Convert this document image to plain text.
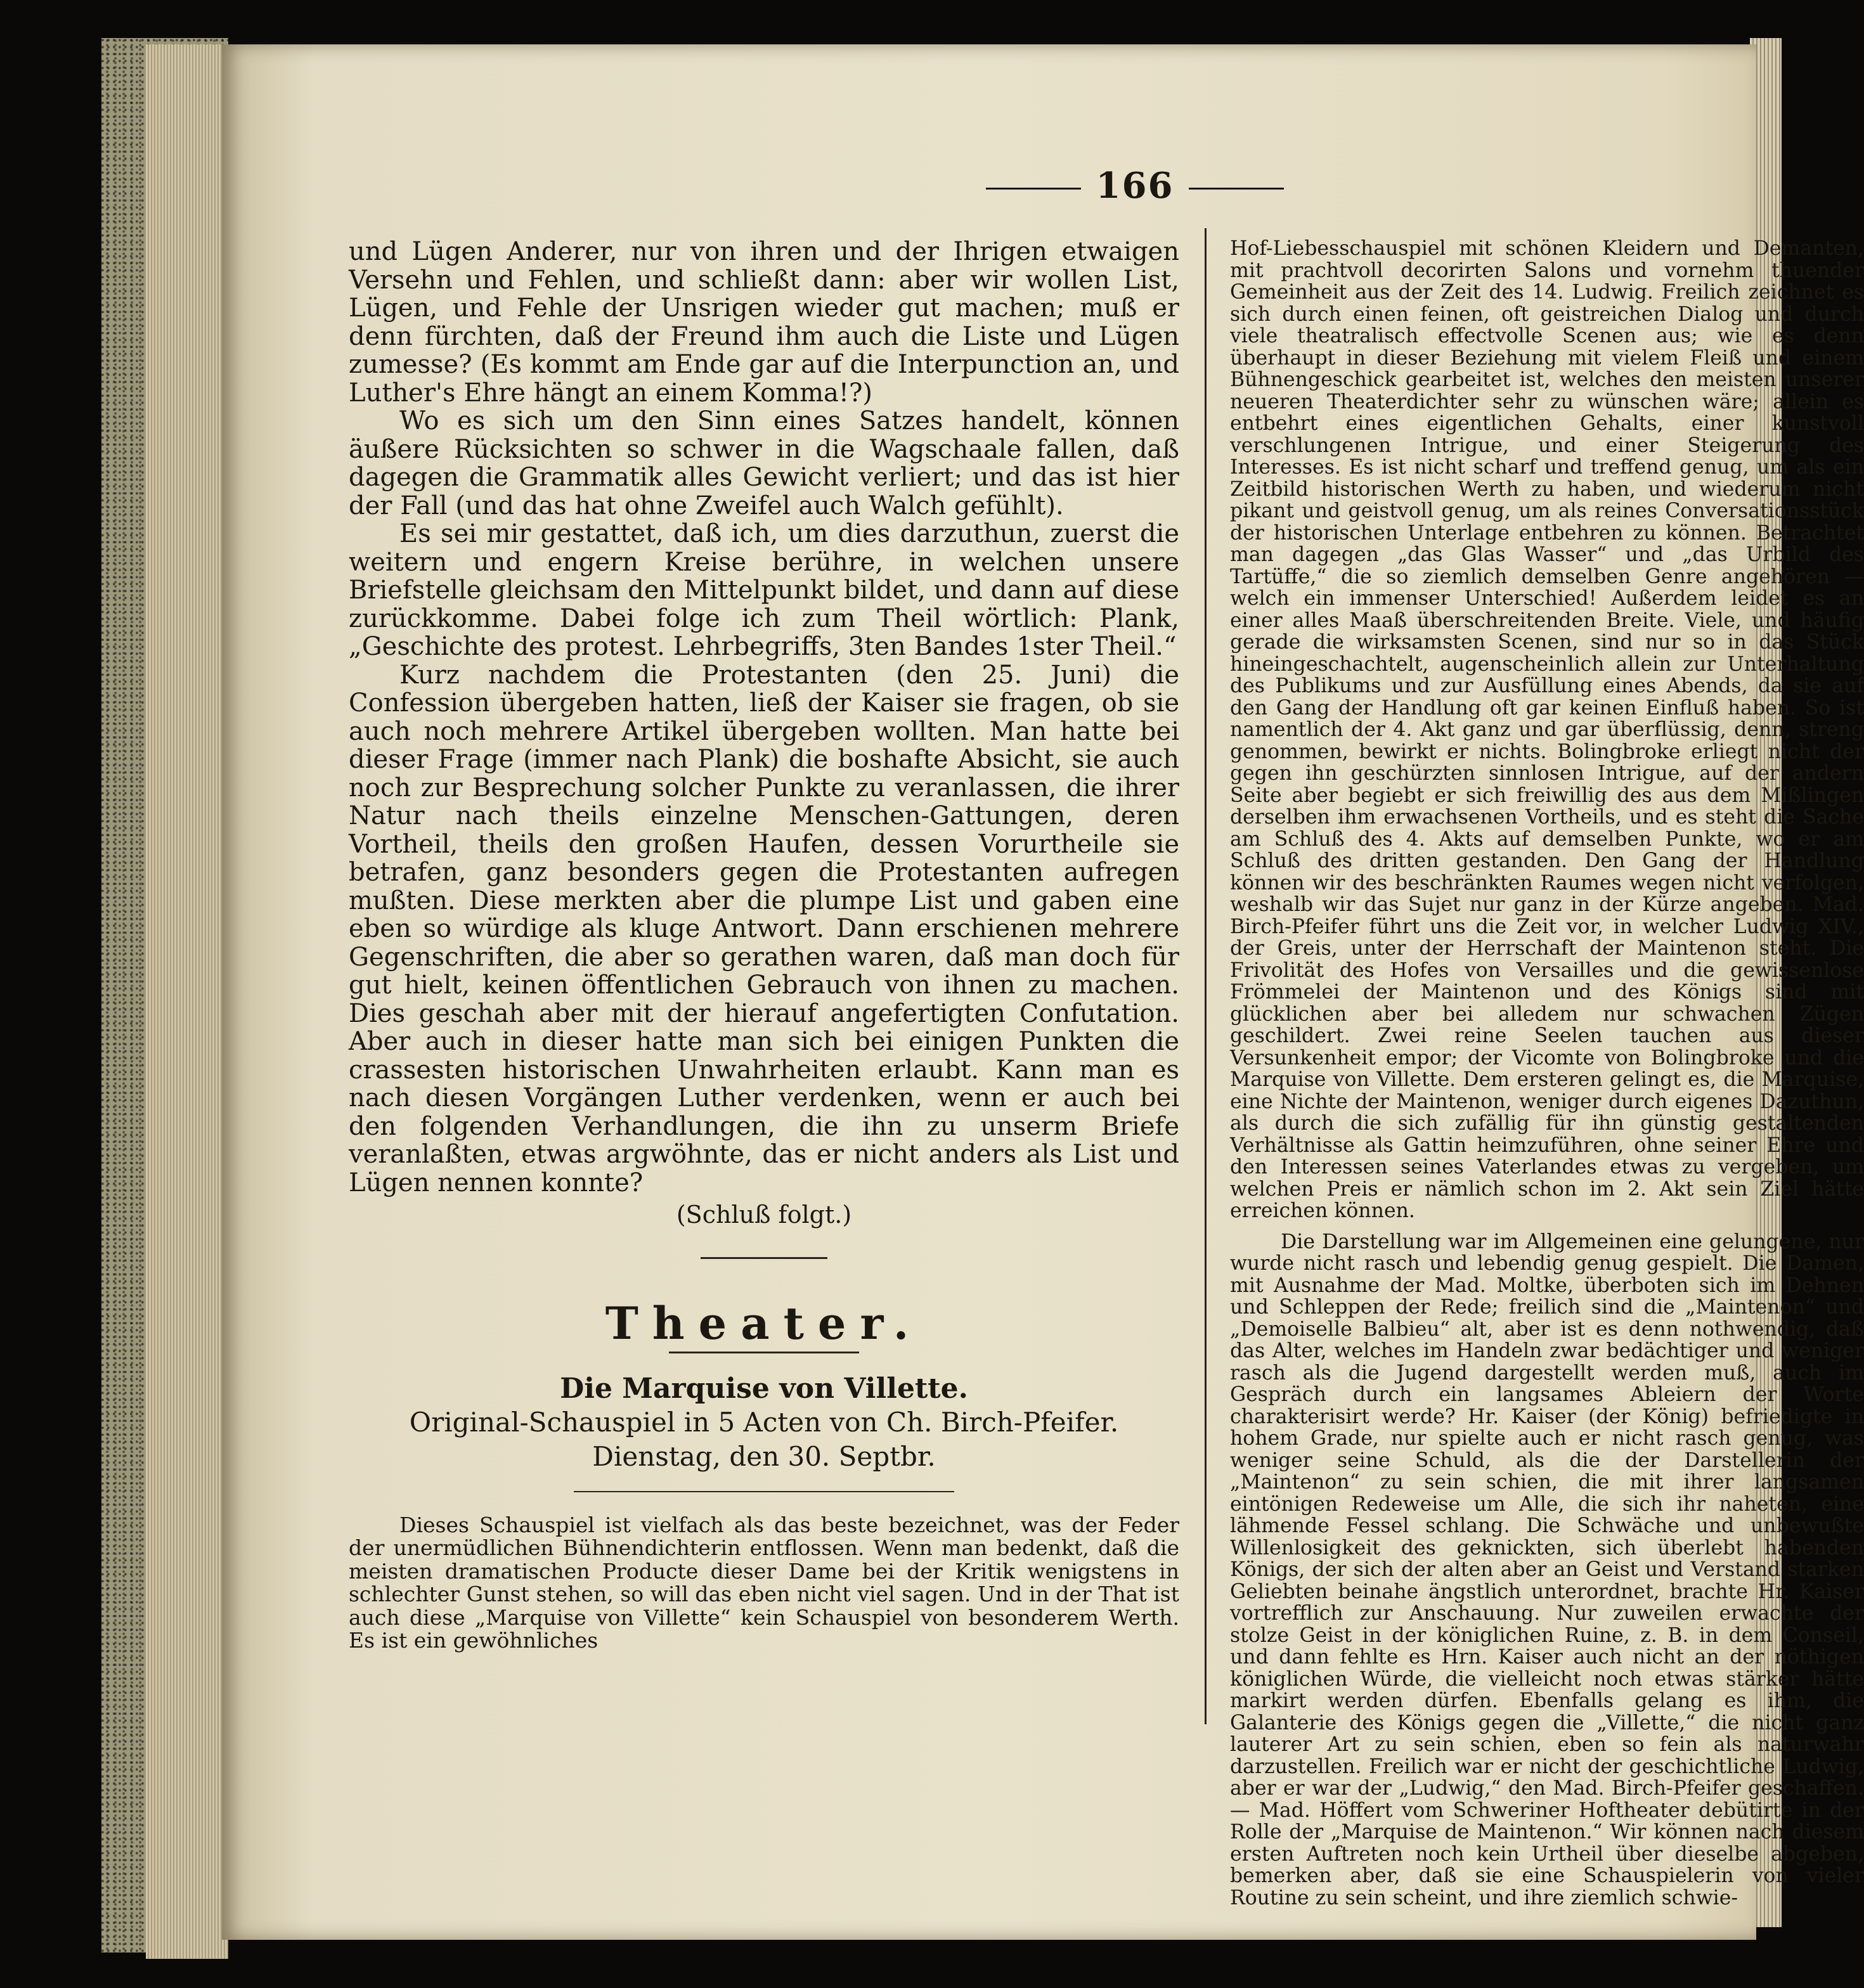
166

und Lügen Anderer, nur von ihren und der Ihrigen etwaigen Versehn und Fehlen, und schließt dann: aber wir wollen List, Lügen, und Fehle der Unsrigen wieder gut machen; muß er denn fürchten, daß der Freund ihm auch die Liste und Lügen zumesse? (Es kommt am Ende gar auf die Interpunction an, und Luther's Ehre hängt an einem Komma!?)

Wo es sich um den Sinn eines Satzes handelt, können äußere Rücksichten so schwer in die Wagschaale fallen, daß dagegen die Grammatik alles Gewicht verliert; und das ist hier der Fall (und das hat ohne Zweifel auch Walch gefühlt).

Es sei mir gestattet, daß ich, um dies darzuthun, zuerst die weitern und engern Kreise berühre, in welchen unsere Briefstelle gleichsam den Mittelpunkt bildet, und dann auf diese zurückkomme. Dabei folge ich zum Theil wörtlich: Plank, „Geschichte des protest. Lehrbegriffs, 3ten Bandes 1ster Theil.“

Kurz nachdem die Protestanten (den 25. Juni) die Confession übergeben hatten, ließ der Kaiser sie fragen, ob sie auch noch mehrere Artikel übergeben wollten. Man hatte bei dieser Frage (immer nach Plank) die boshafte Absicht, sie auch noch zur Besprechung solcher Punkte zu veranlassen, die ihrer Natur nach theils einzelne Menschen-Gattungen, deren Vortheil, theils den großen Haufen, dessen Vorurtheile sie betrafen, ganz besonders gegen die Protestanten aufregen mußten. Diese merkten aber die plumpe List und gaben eine eben so würdige als kluge Antwort. Dann erschienen mehrere Gegenschriften, die aber so gerathen waren, daß man doch für gut hielt, keinen öffentlichen Gebrauch von ihnen zu machen. Dies geschah aber mit der hierauf angefertigten Confutation. Aber auch in dieser hatte man sich bei einigen Punkten die crassesten historischen Unwahrheiten erlaubt. Kann man es nach diesen Vorgängen Luther verdenken, wenn er auch bei den folgenden Verhandlungen, die ihn zu unserm Briefe veranlaßten, etwas argwöhnte, das er nicht anders als List und Lügen nennen konnte?

(Schluß folgt.)
Theater.
Die Marquise von Villette.
Original-Schauspiel in 5 Acten von Ch. Birch-Pfeifer.
Dienstag, den 30. Septbr.

Dieses Schauspiel ist vielfach als das beste bezeichnet, was der Feder der unermüdlichen Bühnendichterin entflossen. Wenn man bedenkt, daß die meisten dramatischen Producte dieser Dame bei der Kritik wenigstens in schlechter Gunst stehen, so will das eben nicht viel sagen. Und in der That ist auch diese „Marquise von Villette“ kein Schauspiel von besonderem Werth. Es ist ein gewöhnliches

Hof-Liebesschauspiel mit schönen Kleidern und Demanten, mit prachtvoll decorirten Salons und vornehm thuender Gemeinheit aus der Zeit des 14. Ludwig. Freilich zeichnet es sich durch einen feinen, oft geistreichen Dialog und durch viele theatralisch effectvolle Scenen aus; wie es denn überhaupt in dieser Beziehung mit vielem Fleiß und einem Bühnengeschick gearbeitet ist, welches den meisten unserer neueren Theaterdichter sehr zu wünschen wäre; allein es entbehrt eines eigentlichen Gehalts, einer kunstvoll verschlungenen Intrigue, und einer Steigerung des Interesses. Es ist nicht scharf und treffend genug, um als ein Zeitbild historischen Werth zu haben, und wiederum nicht pikant und geistvoll genug, um als reines Conversationsstück der historischen Unterlage entbehren zu können. Betrachtet man dagegen „das Glas Wasser“ und „das Urbild des Tartüffe,“ die so ziemlich demselben Genre angehören — welch ein immenser Unterschied! Außerdem leidet es an einer alles Maaß überschreitenden Breite. Viele, und häufig gerade die wirksamsten Scenen, sind nur so in das Stück hineingeschachtelt, augenscheinlich allein zur Unterhaltung des Publikums und zur Ausfüllung eines Abends, da sie auf den Gang der Handlung oft gar keinen Einfluß haben. So ist namentlich der 4. Akt ganz und gar überflüssig, denn, streng genommen, bewirkt er nichts. Bolingbroke erliegt nicht der gegen ihn geschürzten sinnlosen Intrigue, auf der andern Seite aber begiebt er sich freiwillig des aus dem Mißlingen derselben ihm erwachsenen Vortheils, und es steht die Sache am Schluß des 4. Akts auf demselben Punkte, wo er am Schluß des dritten gestanden. Den Gang der Handlung können wir des beschränkten Raumes wegen nicht verfolgen, weshalb wir das Sujet nur ganz in der Kürze angeben. Mad. Birch-Pfeifer führt uns die Zeit vor, in welcher Ludwig XIV., der Greis, unter der Herrschaft der Maintenon steht. Die Frivolität des Hofes von Versailles und die gewissenlose Frömmelei der Maintenon und des Königs sind mit glücklichen aber bei alledem nur schwachen Zügen geschildert. Zwei reine Seelen tauchen aus dieser Versunkenheit empor; der Vicomte von Bolingbroke und die Marquise von Villette. Dem ersteren gelingt es, die Marquise, eine Nichte der Maintenon, weniger durch eigenes Dazuthun, als durch die sich zufällig für ihn günstig gestaltenden Verhältnisse als Gattin heimzuführen, ohne seiner Ehre und den Interessen seines Vaterlandes etwas zu vergeben, um welchen Preis er nämlich schon im 2. Akt sein Ziel hätte erreichen können.

Die Darstellung war im Allgemeinen eine gelungene, nur wurde nicht rasch und lebendig genug gespielt. Die Damen, mit Ausnahme der Mad. Moltke, überboten sich im Dehnen und Schleppen der Rede; freilich sind die „Maintenon“ und „Demoiselle Balbieu“ alt, aber ist es denn nothwendig, daß das Alter, welches im Handeln zwar bedächtiger und weniger rasch als die Jugend dargestellt werden muß, auch im Gespräch durch ein langsames Ableiern der Worte charakterisirt werde? Hr. Kaiser (der König) befriedigte in hohem Grade, nur spielte auch er nicht rasch genug, was weniger seine Schuld, als die der Darstellerin der „Maintenon“ zu sein schien, die mit ihrer langsamen eintönigen Redeweise um Alle, die sich ihr naheten, eine lähmende Fessel schlang. Die Schwäche und unbewußte Willenlosigkeit des geknickten, sich überlebt habenden Königs, der sich der alten aber an Geist und Verstand starken Geliebten beinahe ängstlich unterordnet, brachte Hr. Kaiser vortrefflich zur Anschauung. Nur zuweilen erwachte der stolze Geist in der königlichen Ruine, z. B. in dem Conseil, und dann fehlte es Hrn. Kaiser auch nicht an der nöthigen königlichen Würde, die vielleicht noch etwas stärker hätte markirt werden dürfen. Ebenfalls gelang es ihm, die Galanterie des Königs gegen die „Villette,“ die nicht ganz lauterer Art zu sein schien, eben so fein als naturwahr darzustellen. Freilich war er nicht der geschichtliche Ludwig, aber er war der „Ludwig,“ den Mad. Birch-Pfeifer geschaffen. — Mad. Höffert vom Schweriner Hoftheater debütirte in der Rolle der „Marquise de Maintenon.“ Wir können nach diesem ersten Auftreten noch kein Urtheil über dieselbe abgeben, bemerken aber, daß sie eine Schauspielerin von vieler Routine zu sein scheint, und ihre ziemlich schwie-
